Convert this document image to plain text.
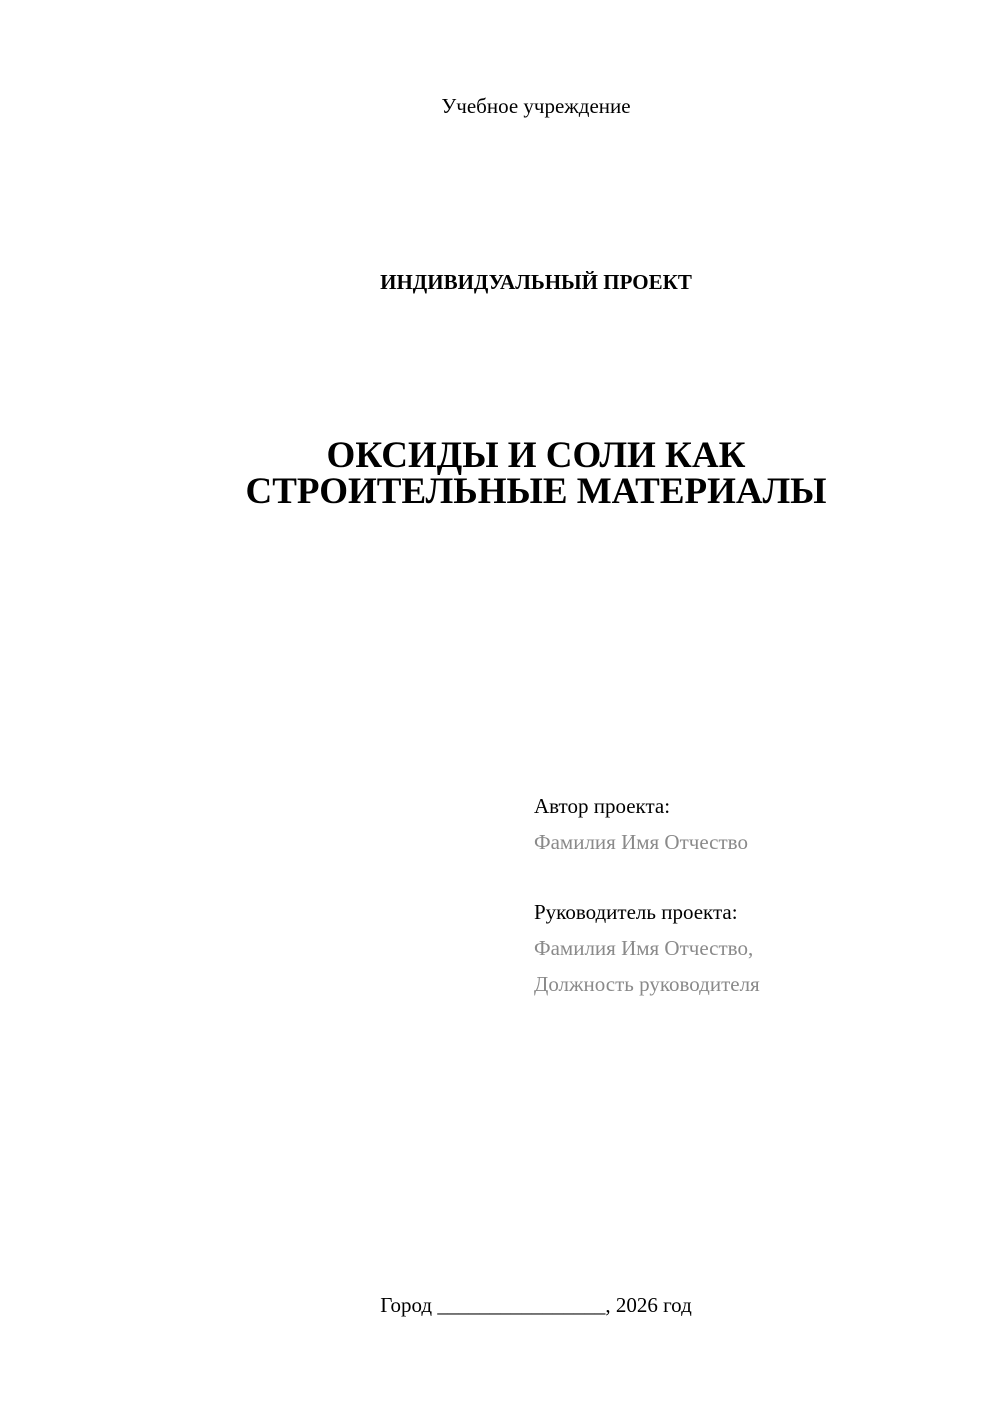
Учебное учреждение
ИНДИВИДУАЛЬНЫЙ ПРОЕКТ
ОКСИДЫ И СОЛИ КАК
СТРОИТЕЛЬНЫЕ МАТЕРИАЛЫ
Автор проекта:
Фамилия Имя Отчество
Руководитель проекта:
Фамилия Имя Отчество,
Должность руководителя
Город ________________, 2026 год
